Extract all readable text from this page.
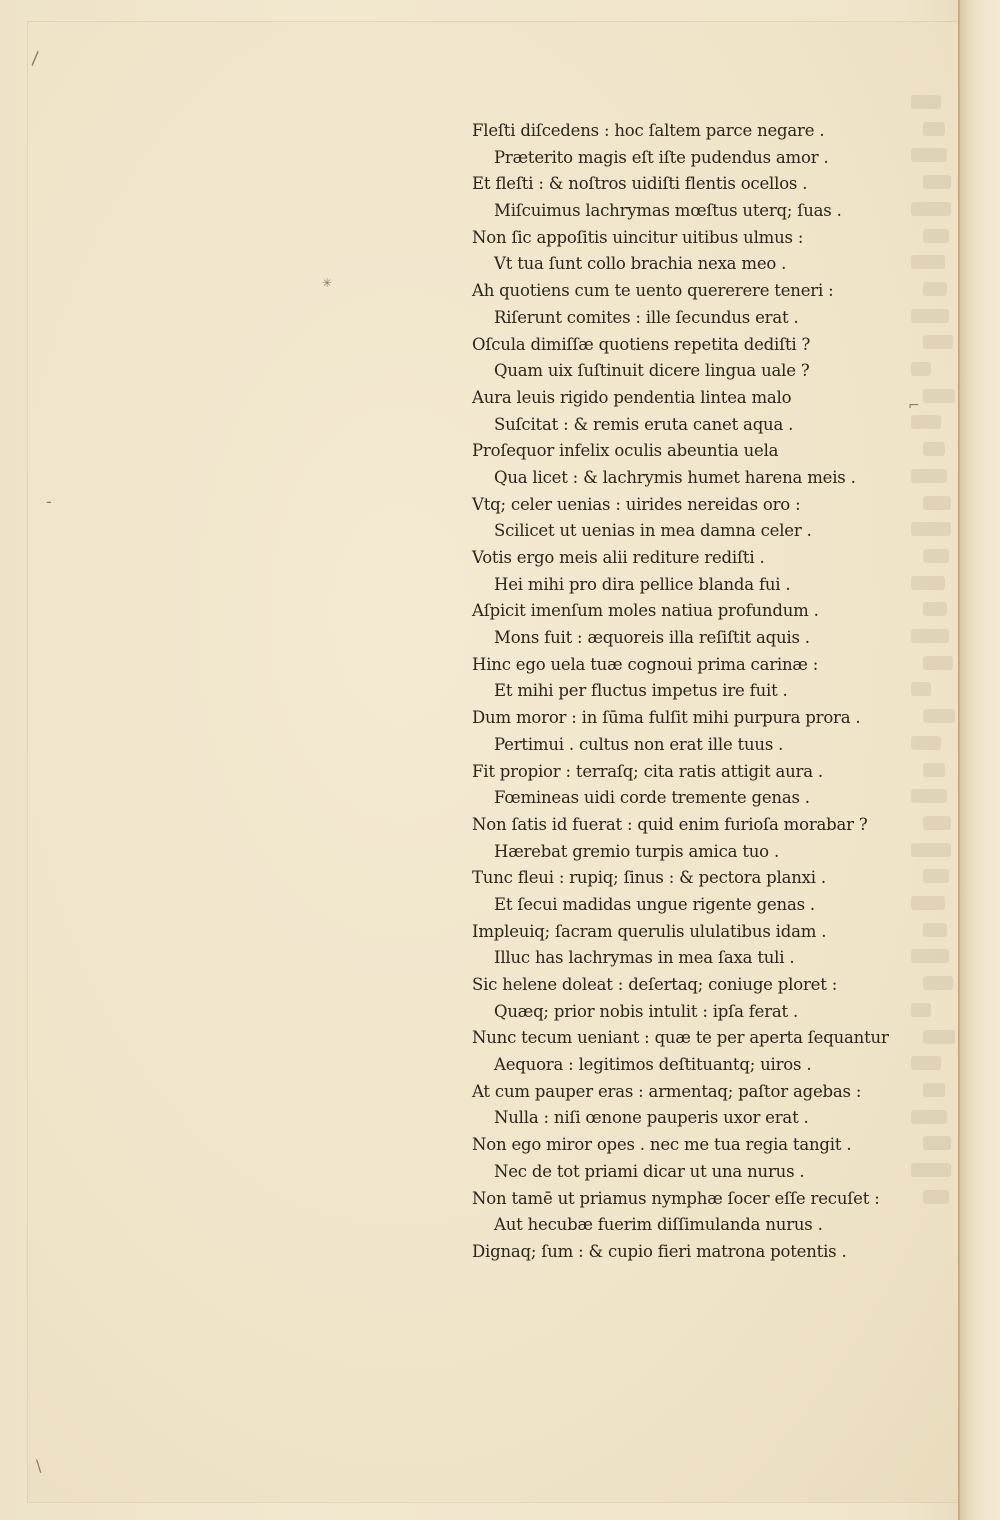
\
✳
-
\
⌐
Fleſti diſcedens : hoc ſaltem parce negare .
Præterito magis eſt iſte pudendus amor .
Et fleſti : & noſtros uidiſti flentis ocellos .
Miſcuimus lachrymas mœſtus uterq; ſuas .
Non ſic appoſitis uincitur uitibus ulmus :
Vt tua ſunt collo brachia nexa meo .
Ah quotiens cum te uento quererere teneri :
Riſerunt comites : ille ſecundus erat .
Oſcula dimiſſæ quotiens repetita dediſti ?
Quam uix ſuſtinuit dicere lingua uale ?
Aura leuis rigido pendentia lintea malo
Suſcitat : & remis eruta canet aqua .
Proſequor infelix oculis abeuntia uela
Qua licet : & lachrymis humet harena meis .
Vtq; celer uenias : uirides nereidas oro :
Scilicet ut uenias in mea damna celer .
Votis ergo meis alii rediture rediſti .
Hei mihi pro dira pellice blanda fui .
Aſpicit imenſum moles natiua profundum .
Mons fuit : æquoreis illa reſiſtit aquis .
Hinc ego uela tuæ cognoui prima carinæ :
Et mihi per fluctus impetus ire fuit .
Dum moror : in ſūma fulſit mihi purpura prora .
Pertimui . cultus non erat ille tuus .
Fit propior : terraſq; cita ratis attigit aura .
Fœmineas uidi corde tremente genas .
Non ſatis id fuerat : quid enim furioſa morabar ?
Hærebat gremio turpis amica tuo .
Tunc fleui : rupiq; ſinus : & pectora planxi .
Et ſecui madidas ungue rigente genas .
Impleuiq; ſacram querulis ululatibus idam .
Illuc has lachrymas in mea ſaxa tuli .
Sic helene doleat : deſertaq; coniuge ploret :
Quæq; prior nobis intulit : ipſa ferat .
Nunc tecum ueniant : quæ te per aperta ſequantur
Aequora : legitimos deſtituantq; uiros .
At cum pauper eras : armentaq; paſtor agebas :
Nulla : niſi œnone pauperis uxor erat .
Non ego miror opes . nec me tua regia tangit .
Nec de tot priami dicar ut una nurus .
Non tamē ut priamus nymphæ ſocer eſſe recuſet :
Aut hecubæ fuerim diſſimulanda nurus .
Dignaq; ſum : & cupio fieri matrona potentis .
